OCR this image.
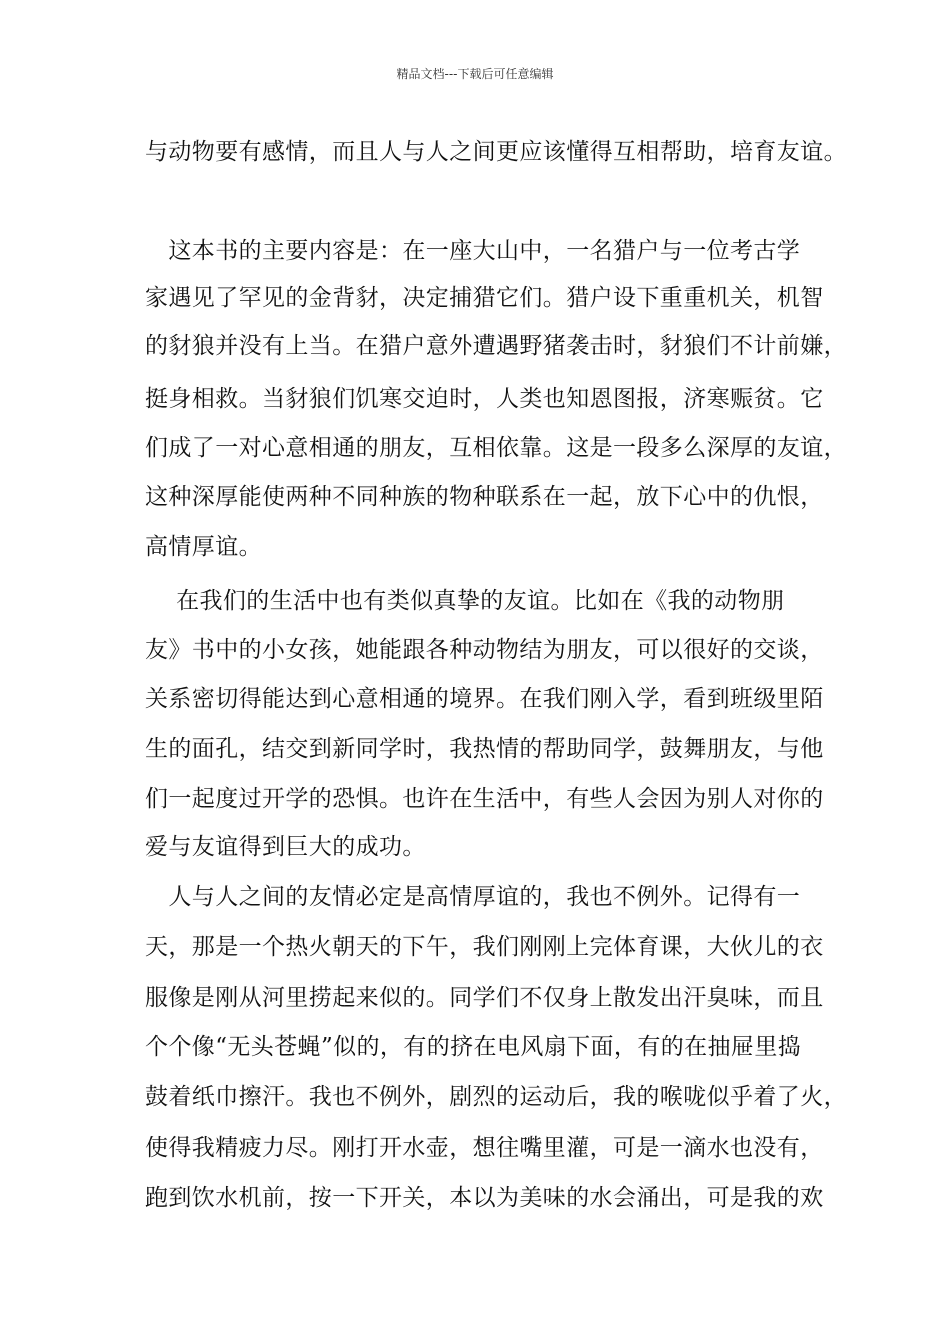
精品文档---下载后可任意编辑
与动物要有感情，而且人与人之间更应该懂得互相帮助，培育友谊。
　这本书的主要内容是：在一座大山中，一名猎户与一位考古学
家遇见了罕见的金背豺，决定捕猎它们。猎户设下重重机关，机智
的豺狼并没有上当。在猎户意外遭遇野猪袭击时，豺狼们不计前嫌，
挺身相救。当豺狼们饥寒交迫时，人类也知恩图报，济寒赈贫。它
们成了一对心意相通的朋友，互相依靠。这是一段多么深厚的友谊，
这种深厚能使两种不同种族的物种联系在一起，放下心中的仇恨，
高情厚谊。
　 在我们的生活中也有类似真挚的友谊。比如在《我的动物朋
友》书中的小女孩，她能跟各种动物结为朋友，可以很好的交谈，
关系密切得能达到心意相通的境界。在我们刚入学，看到班级里陌
生的面孔，结交到新同学时，我热情的帮助同学，鼓舞朋友，与他
们一起度过开学的恐惧。也许在生活中，有些人会因为别人对你的
爱与友谊得到巨大的成功。
　人与人之间的友情必定是高情厚谊的，我也不例外。记得有一
天，那是一个热火朝天的下午，我们刚刚上完体育课，大伙儿的衣
服像是刚从河里捞起来似的。同学们不仅身上散发出汗臭味，而且
个个像“无头苍蝇”似的，有的挤在电风扇下面，有的在抽屉里捣
鼓着纸巾擦汗。我也不例外，剧烈的运动后，我的喉咙似乎着了火，
使得我精疲力尽。刚打开水壶，想往嘴里灌，可是一滴水也没有，
跑到饮水机前，按一下开关，本以为美味的水会涌出，可是我的欢
